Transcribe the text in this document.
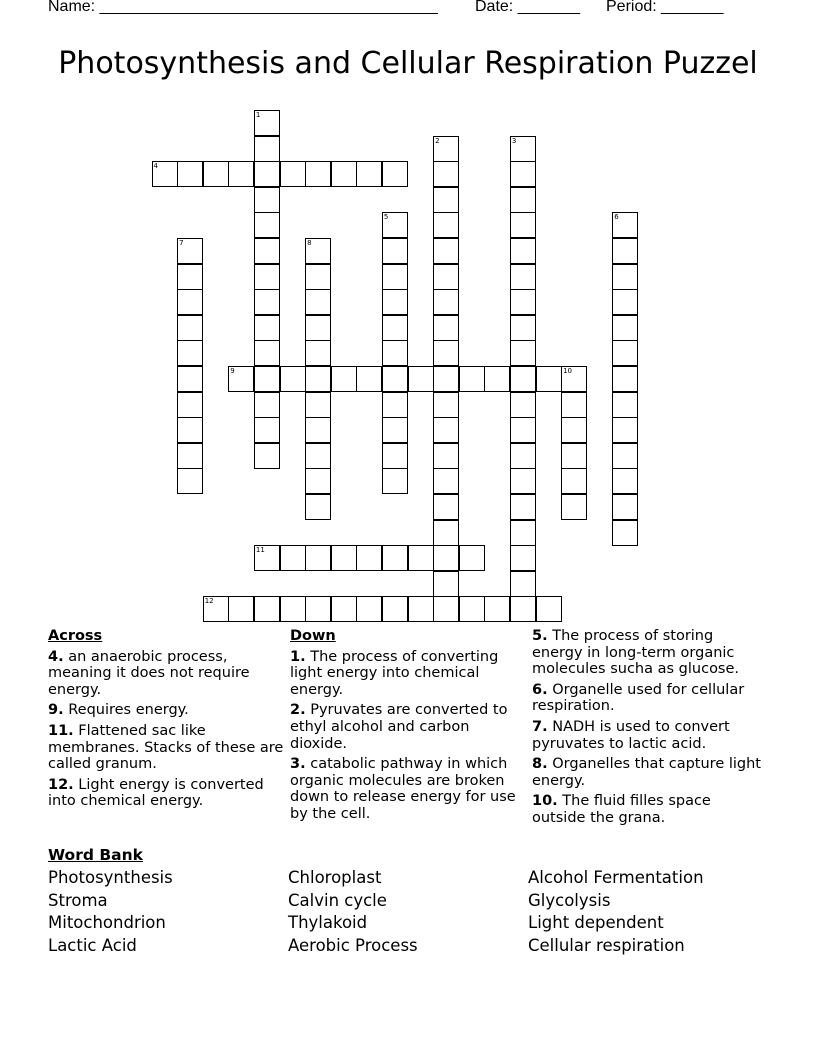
Name: ______________________________________ Date: _______ Period: _______
Photosynthesis and Cellular Respiration Puzzel
1
2	3
4
5	6
7	8
9	10
11
12
Across
4. an anaerobic process, meaning it does not require energy.
9. Requires energy.
11. Flattened sac like membranes. Stacks of these are called granum.
12. Light energy is converted into chemical energy.
Down
1. The process of converting light energy into chemical energy.
2. Pyruvates are converted to ethyl alcohol and carbon dioxide.
3. catabolic pathway in which organic molecules are broken down to release energy for use by the cell.
5. The process of storing energy in long-term organic molecules sucha as glucose.
6. Organelle used for cellular respiration.
7. NADH is used to convert pyruvates to lactic acid.
8. Organelles that capture light energy.
10. The fluid filles space outside the grana.
Word Bank
Photosynthesis
Stroma
Mitochondrion
Lactic Acid
Chloroplast
Calvin cycle
Thylakoid
Aerobic Process
Alcohol Fermentation
Glycolysis
Light dependent
Cellular respiration
